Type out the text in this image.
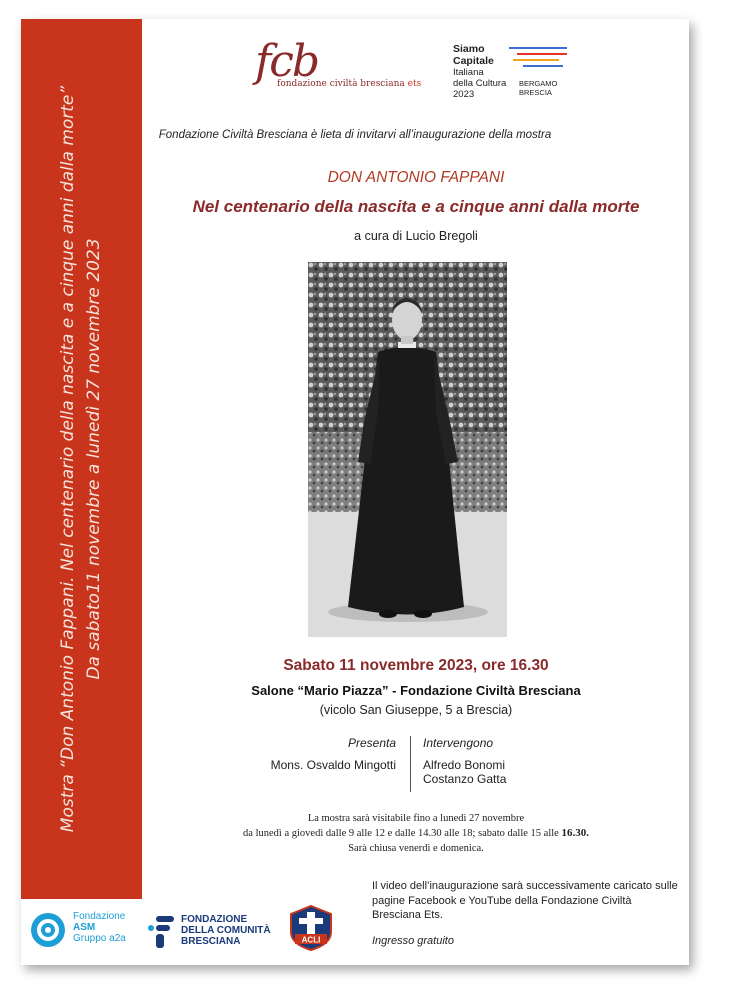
Mostra “Don Antonio Fappani. Nel centenario della nascita e a cinque anni dalla morte” Da sabato11 novembre a lunedì 27 novembre 2023
fcb
fondazione civiltà bresciana ets
Siamo
Capitale
Italiana
della Cultura
2023
BERGAMO
BRESCIA
Fondazione Civiltà Bresciana è lieta di invitarvi all’inaugurazione della mostra
DON ANTONIO FAPPANI
Nel centenario della nascita e a cinque anni dalla morte
a cura di Lucio Bregoli
Sabato 11 novembre 2023, ore 16.30
Salone “Mario Piazza” - Fondazione Civiltà Bresciana
(vicolo San Giuseppe, 5 a Brescia)
Presenta
Mons. Osvaldo Mingotti
Intervengono
Alfredo Bonomi
Costanzo Gatta
La mostra sarà visitabile fino a lunedì 27 novembre
da lunedì a giovedì dalle 9 alle 12 e dalle 14.30 alle 18; sabato dalle 15 alle 16.30.
Sarà chiusa venerdì e domenica.
Il video dell’inaugurazione sarà successivamente caricato sulle pagine Facebook e YouTube della Fondazione Civiltà Bresciana Ets.
Ingresso gratuito
Fondazione
ASM
Gruppo a2a
FONDAZIONE
DELLA COMUNITÀ
BRESCIANA	ACLI
